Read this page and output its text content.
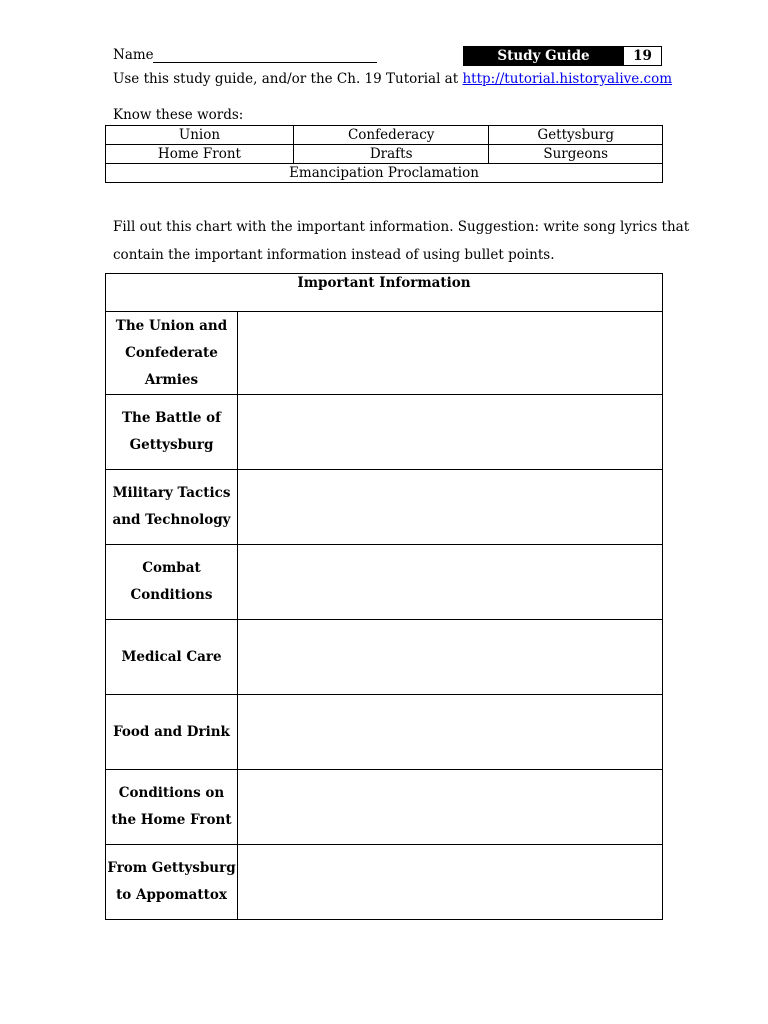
Name	Study Guide	19
Use this study guide, and/or the Ch. 19 Tutorial at http://tutorial.historyalive.com
Know these words:
Union	Confederacy	Gettysburg
Home Front	Drafts	Surgeons
Emancipation Proclamation		
Fill out this chart with the important information. Suggestion: write song lyrics that
contain the important information instead of using bullet points.
Important Information	
The Union and Confederate Armies	
The Battle of Gettysburg	
Military Tactics and Technology	
Combat Conditions	
Medical Care	
Food and Drink	
Conditions on the Home Front	
From Gettysburg to Appomattox	
